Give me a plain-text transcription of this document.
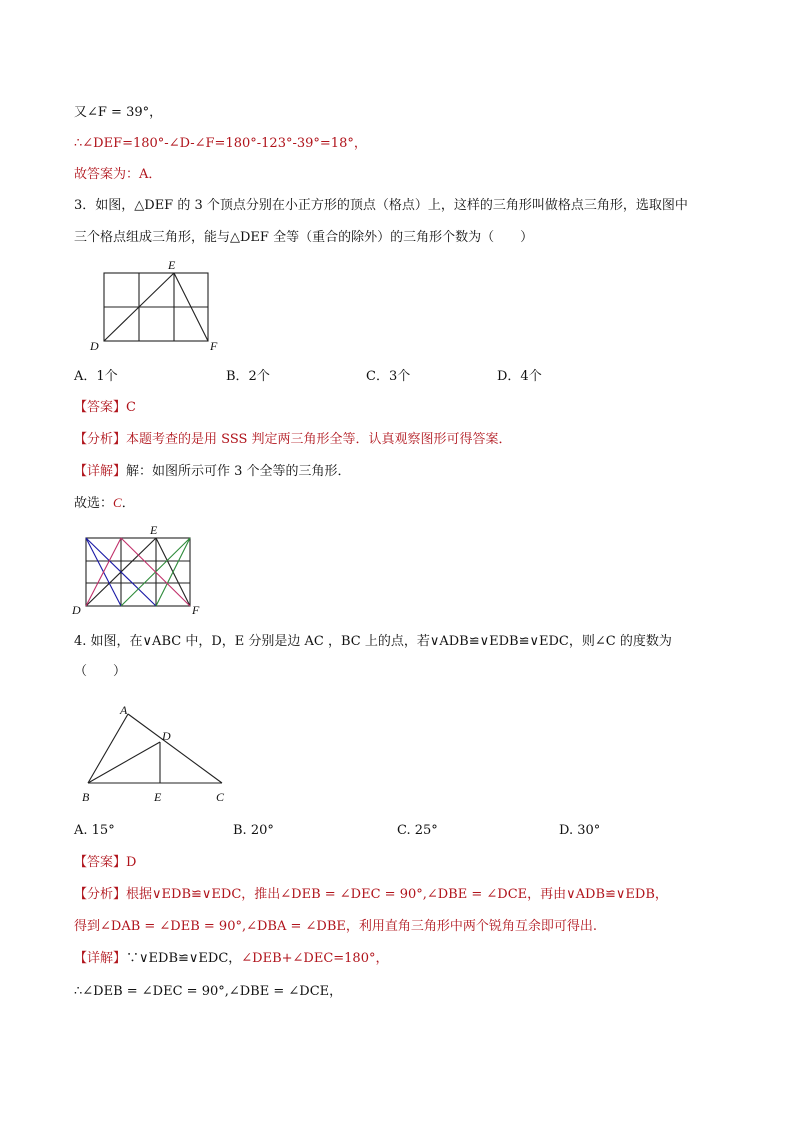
又∠F = 39°，
∴∠DEF=180°-∠D-∠F=180°-123°-39°=18°，
故答案为：A．
3．如图，△DEF 的 3 个顶点分别在小正方形的顶点（格点）上，这样的三角形叫做格点三角形，选取图中
三个格点组成三角形，能与△DEF 全等（重合的除外）的三角形个数为（　　）
E
D	F
A．1个	B．2个	C．3个	D．4个
【答案】C
【分析】本题考查的是用 SSS 判定两三角形全等．认真观察图形可得答案．
【详解】解：如图所示可作 3 个全等的三角形．
故选：C．
E
D	F
4. 如图，在∨ABC 中，D，E 分别是边 AC ，BC 上的点，若∨ADB≌∨EDB≌∨EDC，则∠C 的度数为
（　　）
A
D
B	E	C
A. 15°	B. 20°	C. 25°	D. 30°
【答案】D
【分析】根据∨EDB≌∨EDC，推出∠DEB = ∠DEC = 90°,∠DBE = ∠DCE，再由∨ADB≌∨EDB，
得到∠DAB = ∠DEB = 90°,∠DBA = ∠DBE，利用直角三角形中两个锐角互余即可得出.
【详解】∵∨EDB≌∨EDC，∠DEB+∠DEC=180°，
∴∠DEB = ∠DEC = 90°,∠DBE = ∠DCE，
